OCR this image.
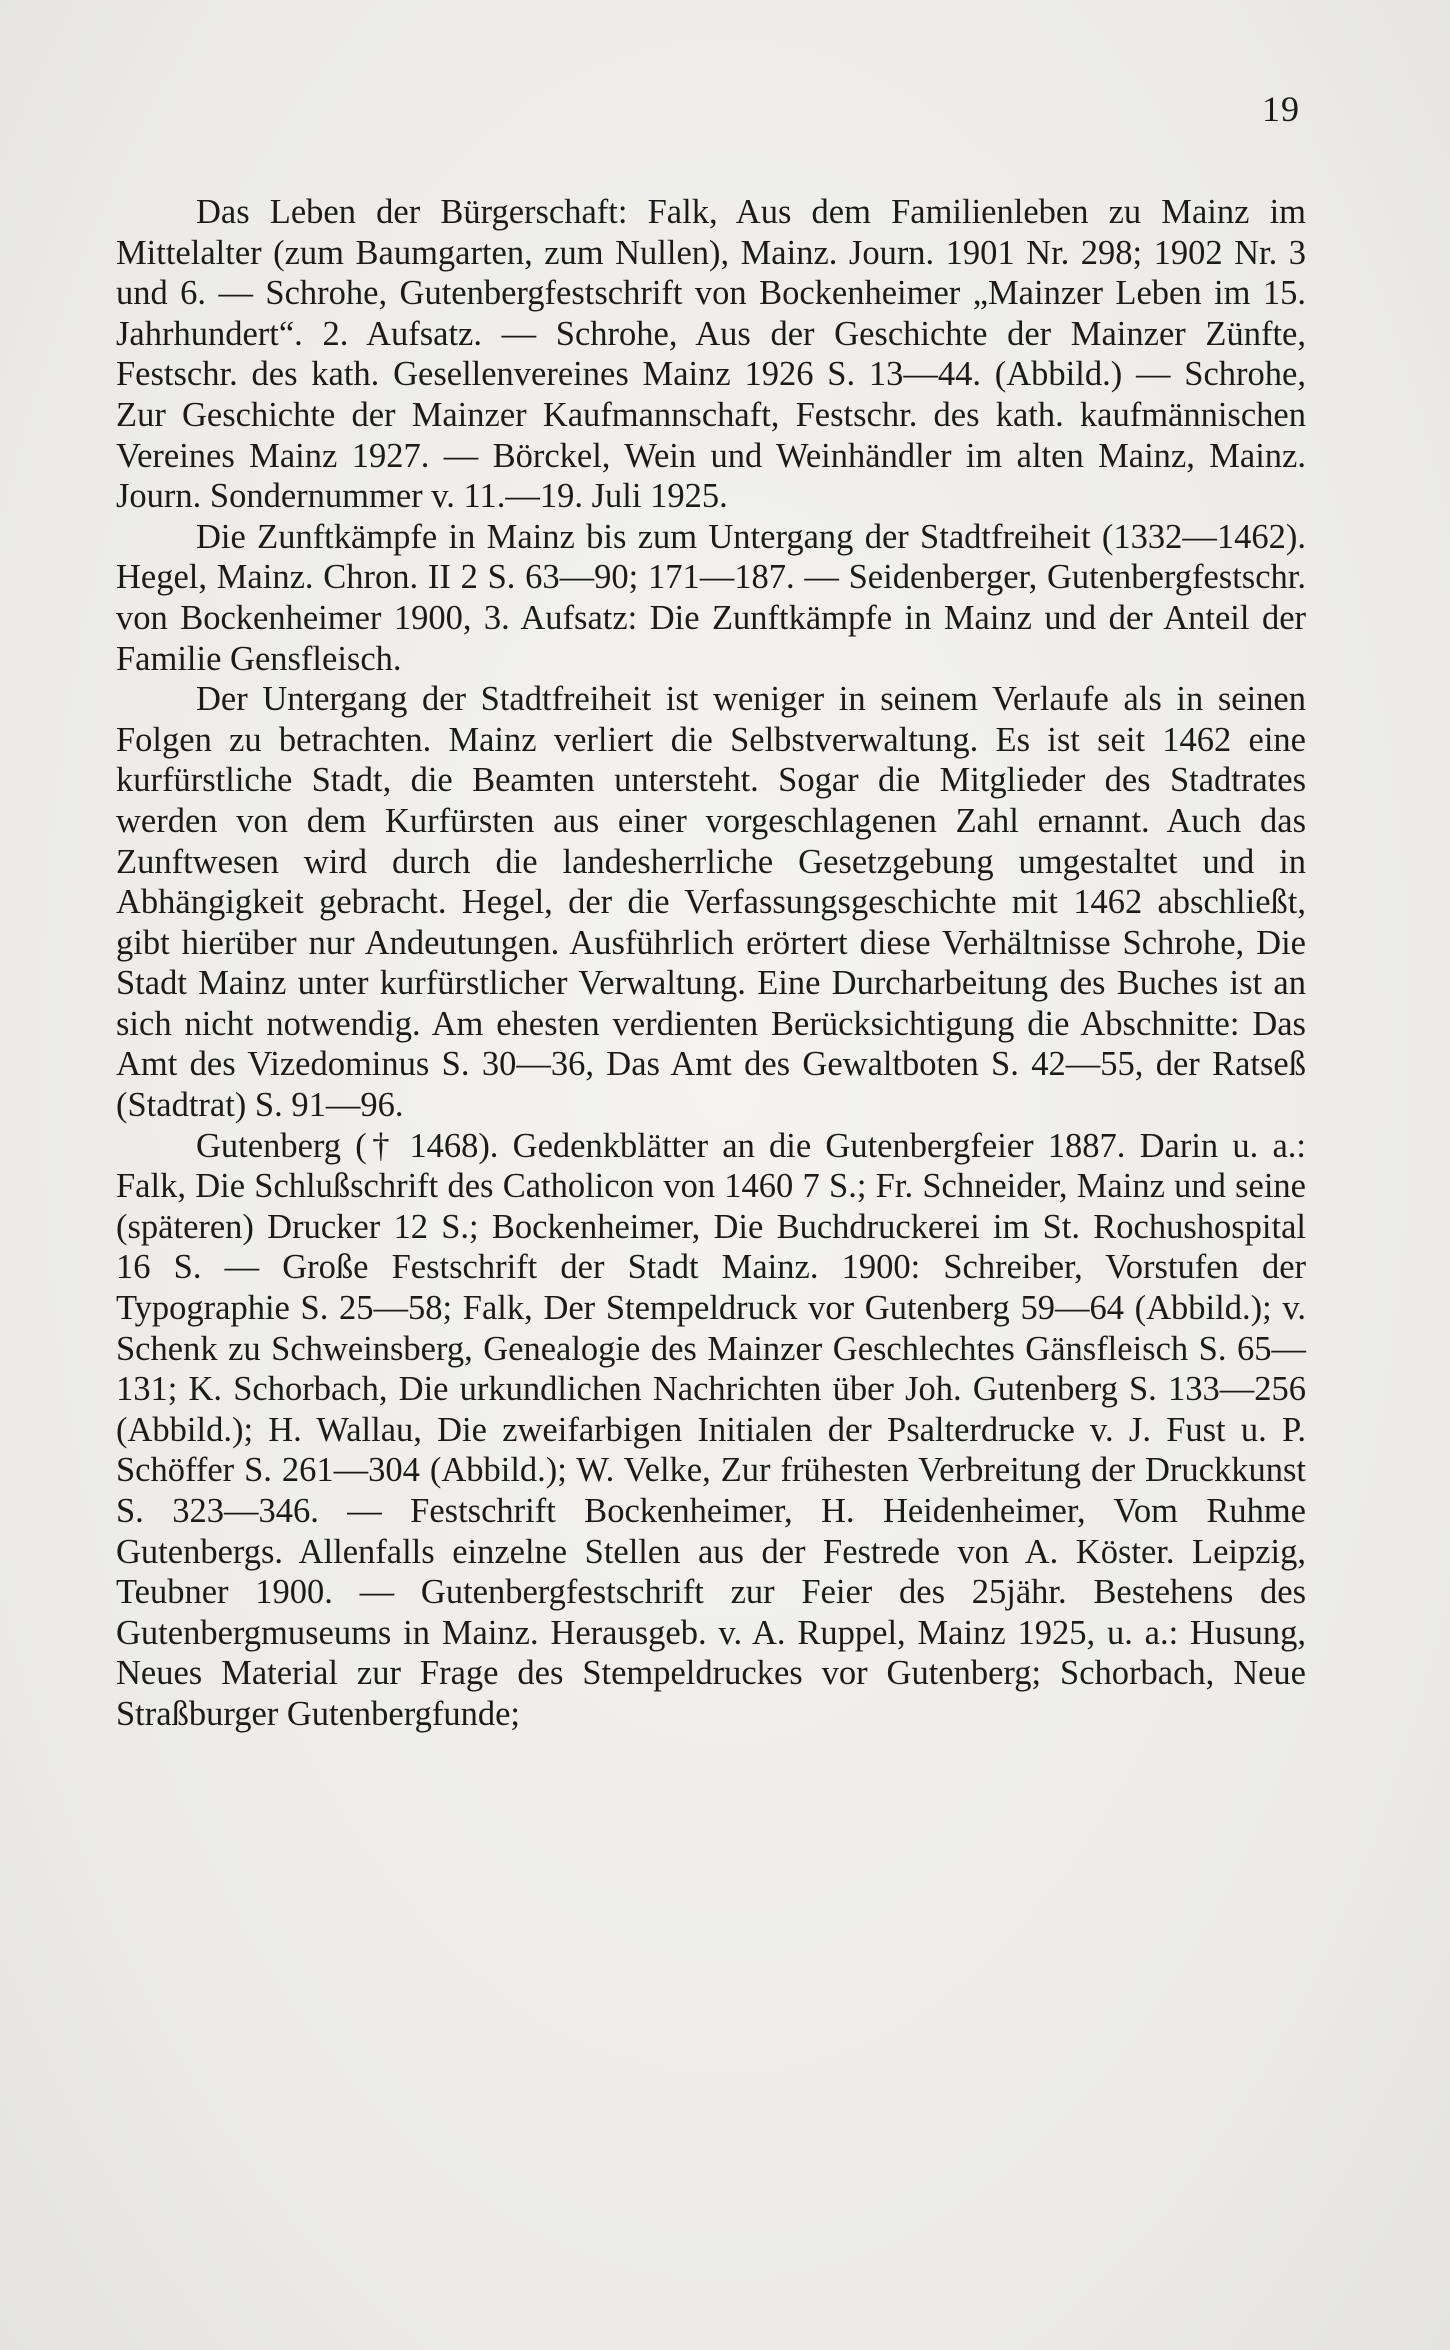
19

Das Leben der Bürgerschaft: Falk, Aus dem Familienleben zu Mainz im Mittelalter (zum Baumgarten, zum Nullen), Mainz. Journ. 1901 Nr. 298; 1902 Nr. 3 und 6. — Schrohe, Gutenbergfestschrift von Bockenheimer „Mainzer Leben im 15. Jahrhundert“. 2. Aufsatz. — Schrohe, Aus der Geschichte der Mainzer Zünfte, Festschr. des kath. Gesellenvereines Mainz 1926 S. 13—44. (Abbild.) — Schrohe, Zur Geschichte der Mainzer Kaufmannschaft, Festschr. des kath. kaufmännischen Vereines Mainz 1927. — Börckel, Wein und Weinhändler im alten Mainz, Mainz. Journ. Sondernummer v. 11.—19. Juli 1925.

Die Zunftkämpfe in Mainz bis zum Untergang der Stadtfreiheit (1332—1462). Hegel, Mainz. Chron. II 2 S. 63—90; 171—187. — Seidenberger, Gutenbergfestschr. von Bockenheimer 1900, 3. Aufsatz: Die Zunftkämpfe in Mainz und der Anteil der Familie Gensfleisch.

Der Untergang der Stadtfreiheit ist weniger in seinem Verlaufe als in seinen Folgen zu betrachten. Mainz verliert die Selbstverwaltung. Es ist seit 1462 eine kurfürstliche Stadt, die Beamten untersteht. Sogar die Mitglieder des Stadtrates werden von dem Kurfürsten aus einer vorgeschlagenen Zahl ernannt. Auch das Zunftwesen wird durch die landesherrliche Gesetzgebung umgestaltet und in Abhängigkeit gebracht. Hegel, der die Verfassungsgeschichte mit 1462 abschließt, gibt hierüber nur Andeutungen. Ausführlich erörtert diese Verhältnisse Schrohe, Die Stadt Mainz unter kurfürstlicher Verwaltung. Eine Durcharbeitung des Buches ist an sich nicht notwendig. Am ehesten verdienten Berücksichtigung die Abschnitte: Das Amt des Vizedominus S. 30—36, Das Amt des Gewaltboten S. 42—55, der Ratseß (Stadtrat) S. 91—96.

Gutenberg († 1468). Gedenkblätter an die Gutenbergfeier 1887. Darin u. a.: Falk, Die Schlußschrift des Catholicon von 1460 7 S.; Fr. Schneider, Mainz und seine (späteren) Drucker 12 S.; Bockenheimer, Die Buchdruckerei im St. Rochushospital 16 S. — Große Festschrift der Stadt Mainz. 1900: Schreiber, Vorstufen der Typographie S. 25—58; Falk, Der Stempeldruck vor Gutenberg 59—64 (Abbild.); v. Schenk zu Schweinsberg, Genealogie des Mainzer Geschlechtes Gänsfleisch S. 65—131; K. Schorbach, Die urkundlichen Nachrichten über Joh. Gutenberg S. 133—256 (Abbild.); H. Wallau, Die zweifarbigen Initialen der Psalterdrucke v. J. Fust u. P. Schöffer S. 261—304 (Abbild.); W. Velke, Zur frühesten Verbreitung der Druckkunst S. 323—346. — Festschrift Bockenheimer, H. Heidenheimer, Vom Ruhme Gutenbergs. Allenfalls einzelne Stellen aus der Festrede von A. Köster. Leipzig, Teubner 1900. — Gutenbergfestschrift zur Feier des 25jähr. Bestehens des Gutenbergmuseums in Mainz. Herausgeb. v. A. Ruppel, Mainz 1925, u. a.: Husung, Neues Material zur Frage des Stempeldruckes vor Gutenberg; Schorbach, Neue Straßburger Gutenbergfunde;
